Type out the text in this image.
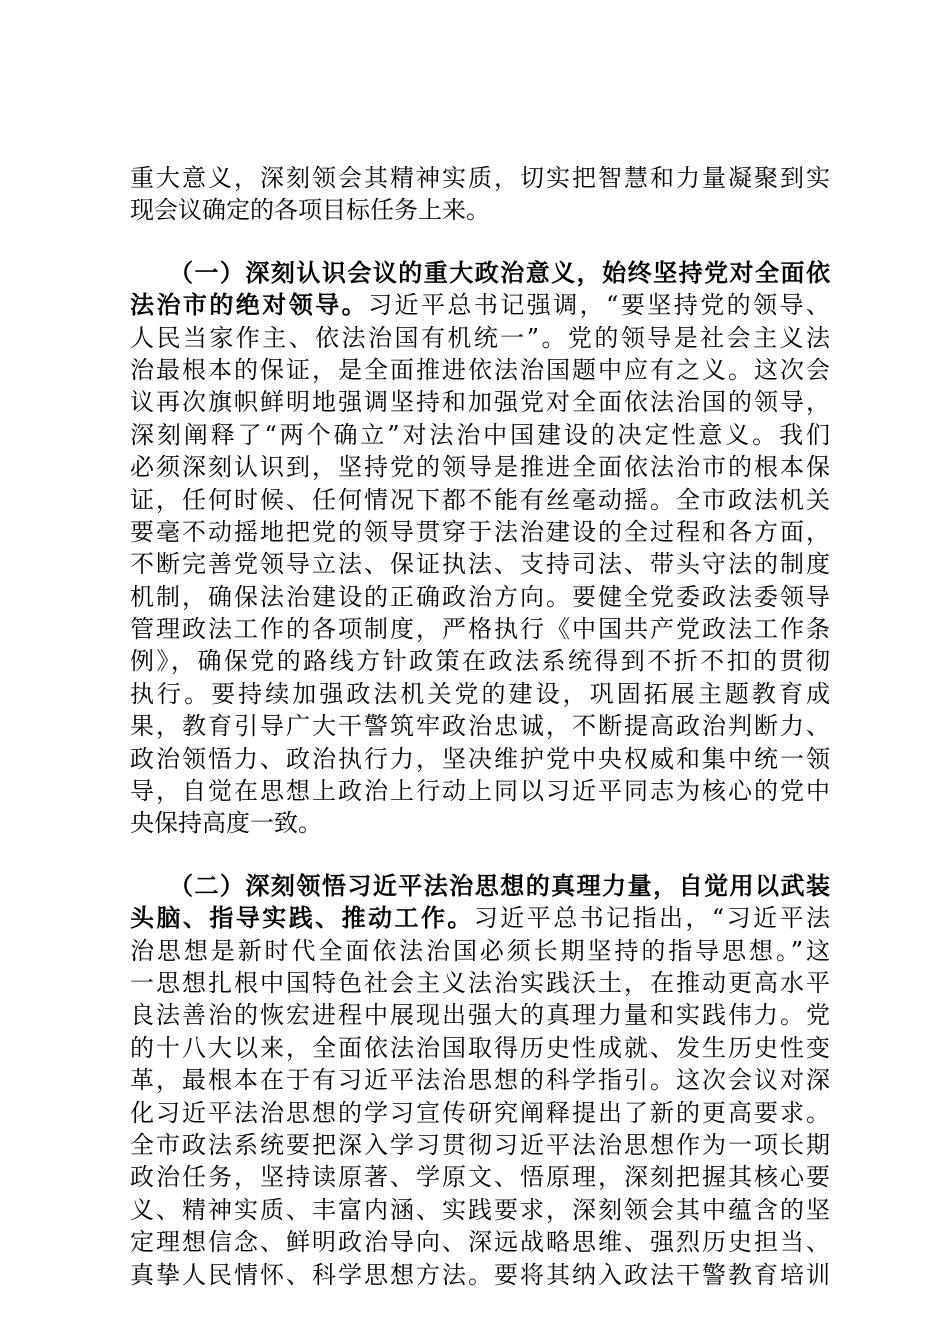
重大意义，深刻领会其精神实质，切实把智慧和力量凝聚到实
现会议确定的各项目标任务上来。
　　（一）深刻认识会议的重大政治意义，始终坚持党对全面依
法治市的绝对领导。习近平总书记强调，“要坚持党的领导、
人民当家作主、依法治国有机统一”。党的领导是社会主义法
治最根本的保证，是全面推进依法治国题中应有之义。这次会
议再次旗帜鲜明地强调坚持和加强党对全面依法治国的领导，
深刻阐释了“两个确立”对法治中国建设的决定性意义。我们
必须深刻认识到，坚持党的领导是推进全面依法治市的根本保
证，任何时候、任何情况下都不能有丝毫动摇。全市政法机关
要毫不动摇地把党的领导贯穿于法治建设的全过程和各方面，
不断完善党领导立法、保证执法、支持司法、带头守法的制度
机制，确保法治建设的正确政治方向。要健全党委政法委领导
管理政法工作的各项制度，严格执行《中国共产党政法工作条
例》，确保党的路线方针政策在政法系统得到不折不扣的贯彻
执行。要持续加强政法机关党的建设，巩固拓展主题教育成
果，教育引导广大干警筑牢政治忠诚，不断提高政治判断力、
政治领悟力、政治执行力，坚决维护党中央权威和集中统一领
导，自觉在思想上政治上行动上同以习近平同志为核心的党中
央保持高度一致。
　　（二）深刻领悟习近平法治思想的真理力量，自觉用以武装
头脑、指导实践、推动工作。习近平总书记指出，“习近平法
治思想是新时代全面依法治国必须长期坚持的指导思想。”这
一思想扎根中国特色社会主义法治实践沃土，在推动更高水平
良法善治的恢宏进程中展现出强大的真理力量和实践伟力。党
的十八大以来，全面依法治国取得历史性成就、发生历史性变
革，最根本在于有习近平法治思想的科学指引。这次会议对深
化习近平法治思想的学习宣传研究阐释提出了新的更高要求。
全市政法系统要把深入学习贯彻习近平法治思想作为一项长期
政治任务，坚持读原著、学原文、悟原理，深刻把握其核心要
义、精神实质、丰富内涵、实践要求，深刻领会其中蕴含的坚
定理想信念、鲜明政治导向、深远战略思维、强烈历史担当、
真挚人民情怀、科学思想方法。要将其纳入政法干警教育培训
